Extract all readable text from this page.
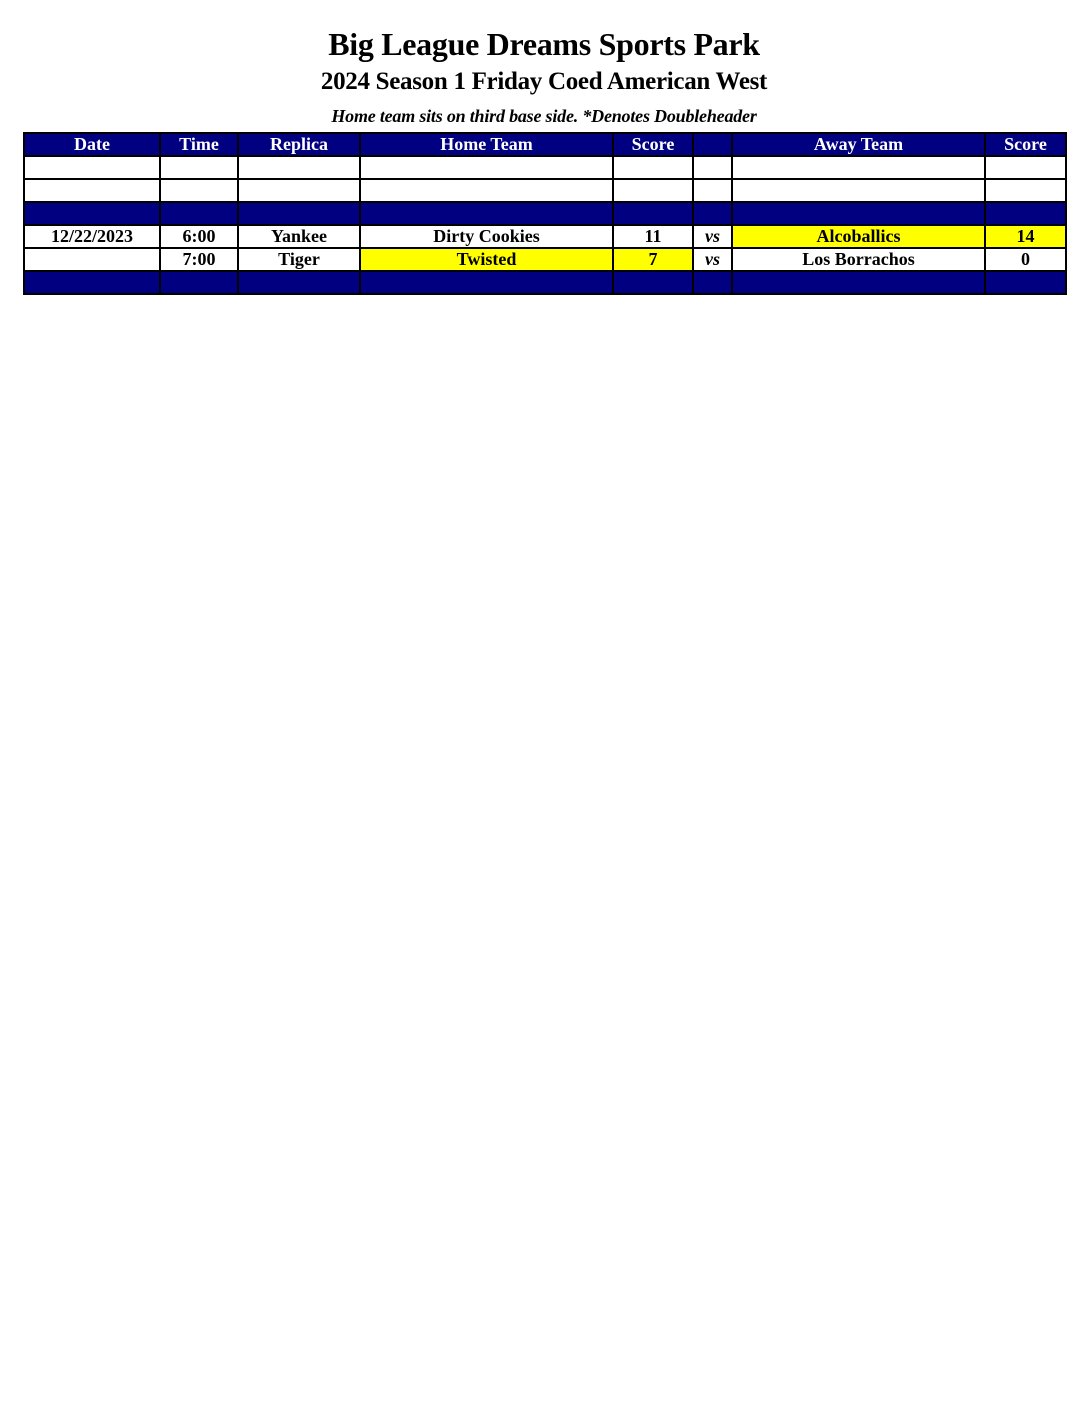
Big League Dreams Sports Park
2024 Season 1 Friday Coed American West
Home team sits on third base side. *Denotes Doubleheader
Date	Time	Replica	Home Team	Score		Away Team	Score

12/22/2023	6:00	Yankee	Dirty Cookies	11	vs	Alcoballics	14
	7:00	Tiger	Twisted	7	vs	Los Borrachos	0
